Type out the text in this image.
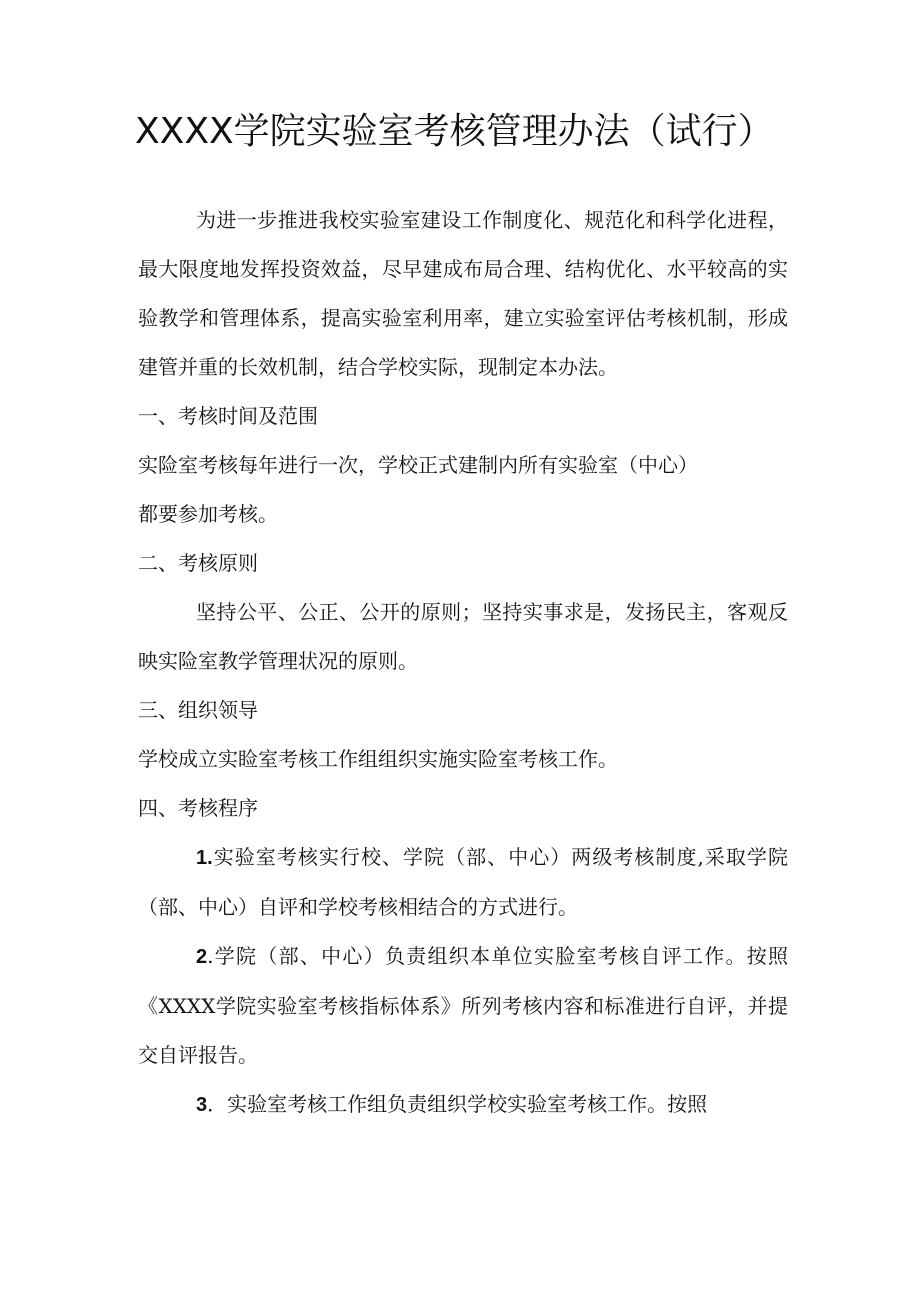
XXXX学院实验室考核管理办法（试行）

为进一步推进我校实验室建设工作制度化、规范化和科学化进程，最大限度地发挥投资效益，尽早建成布局合理、结构优化、水平较高的实验教学和管理体系，提高实验室利用率，建立实验室评估考核机制，形成建管并重的长效机制，结合学校实际，现制定本办法。

一、考核时间及范围

实险室考核每年进行一次，学校正式建制内所有实验室（中心）

都要参加考核。

二、考核原则

坚持公平、公正、公开的原则；坚持实事求是，发扬民主，客观反映实险室教学管理状况的原则。

三、组织领导

学校成立实睑室考核工作组组织实施实险室考核工作。

四、考核程序

1.实验室考核实行校、学院（部、中心）两级考核制度,采取学院（部、中心）自评和学校考核相结合的方式进行。

2.学院（部、中心）负责组织本单位实脸室考核自评工作。按照《XXXX学院实验室考核指标体系》所列考核内容和标准进行自评，并提交自评报告。

3．实验室考核工作组负责组织学校实验室考核工作。按照
